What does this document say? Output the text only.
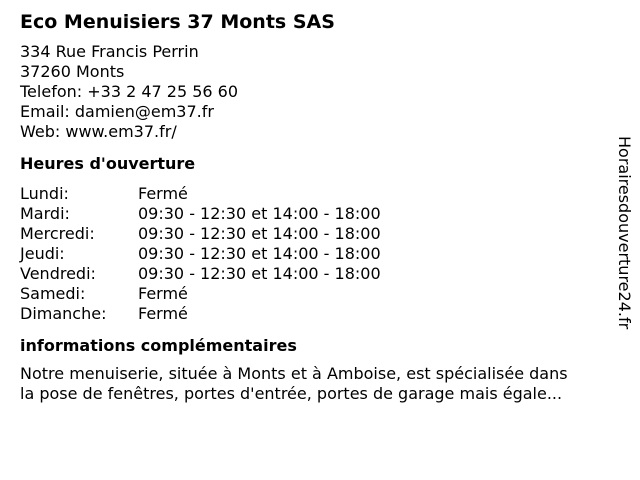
Eco Menuisiers 37 Monts SAS
334 Rue Francis Perrin
37260 Monts
Telefon: +33 2 47 25 56 60
Email: damien@em37.fr
Web: www.em37.fr/
Heures d'ouverture
Lundi:	Fermé
Mardi:	09:30 - 12:30 et 14:00 - 18:00
Mercredi:	09:30 - 12:30 et 14:00 - 18:00
Jeudi:	09:30 - 12:30 et 14:00 - 18:00
Vendredi:	09:30 - 12:30 et 14:00 - 18:00
Samedi:	Fermé
Dimanche:	Fermé
informations complémentaires
Notre menuiserie, située à Monts et à Amboise, est spécialisée dans
la pose de fenêtres, portes d'entrée, portes de garage mais égale...
Horairesdouverture24.fr
